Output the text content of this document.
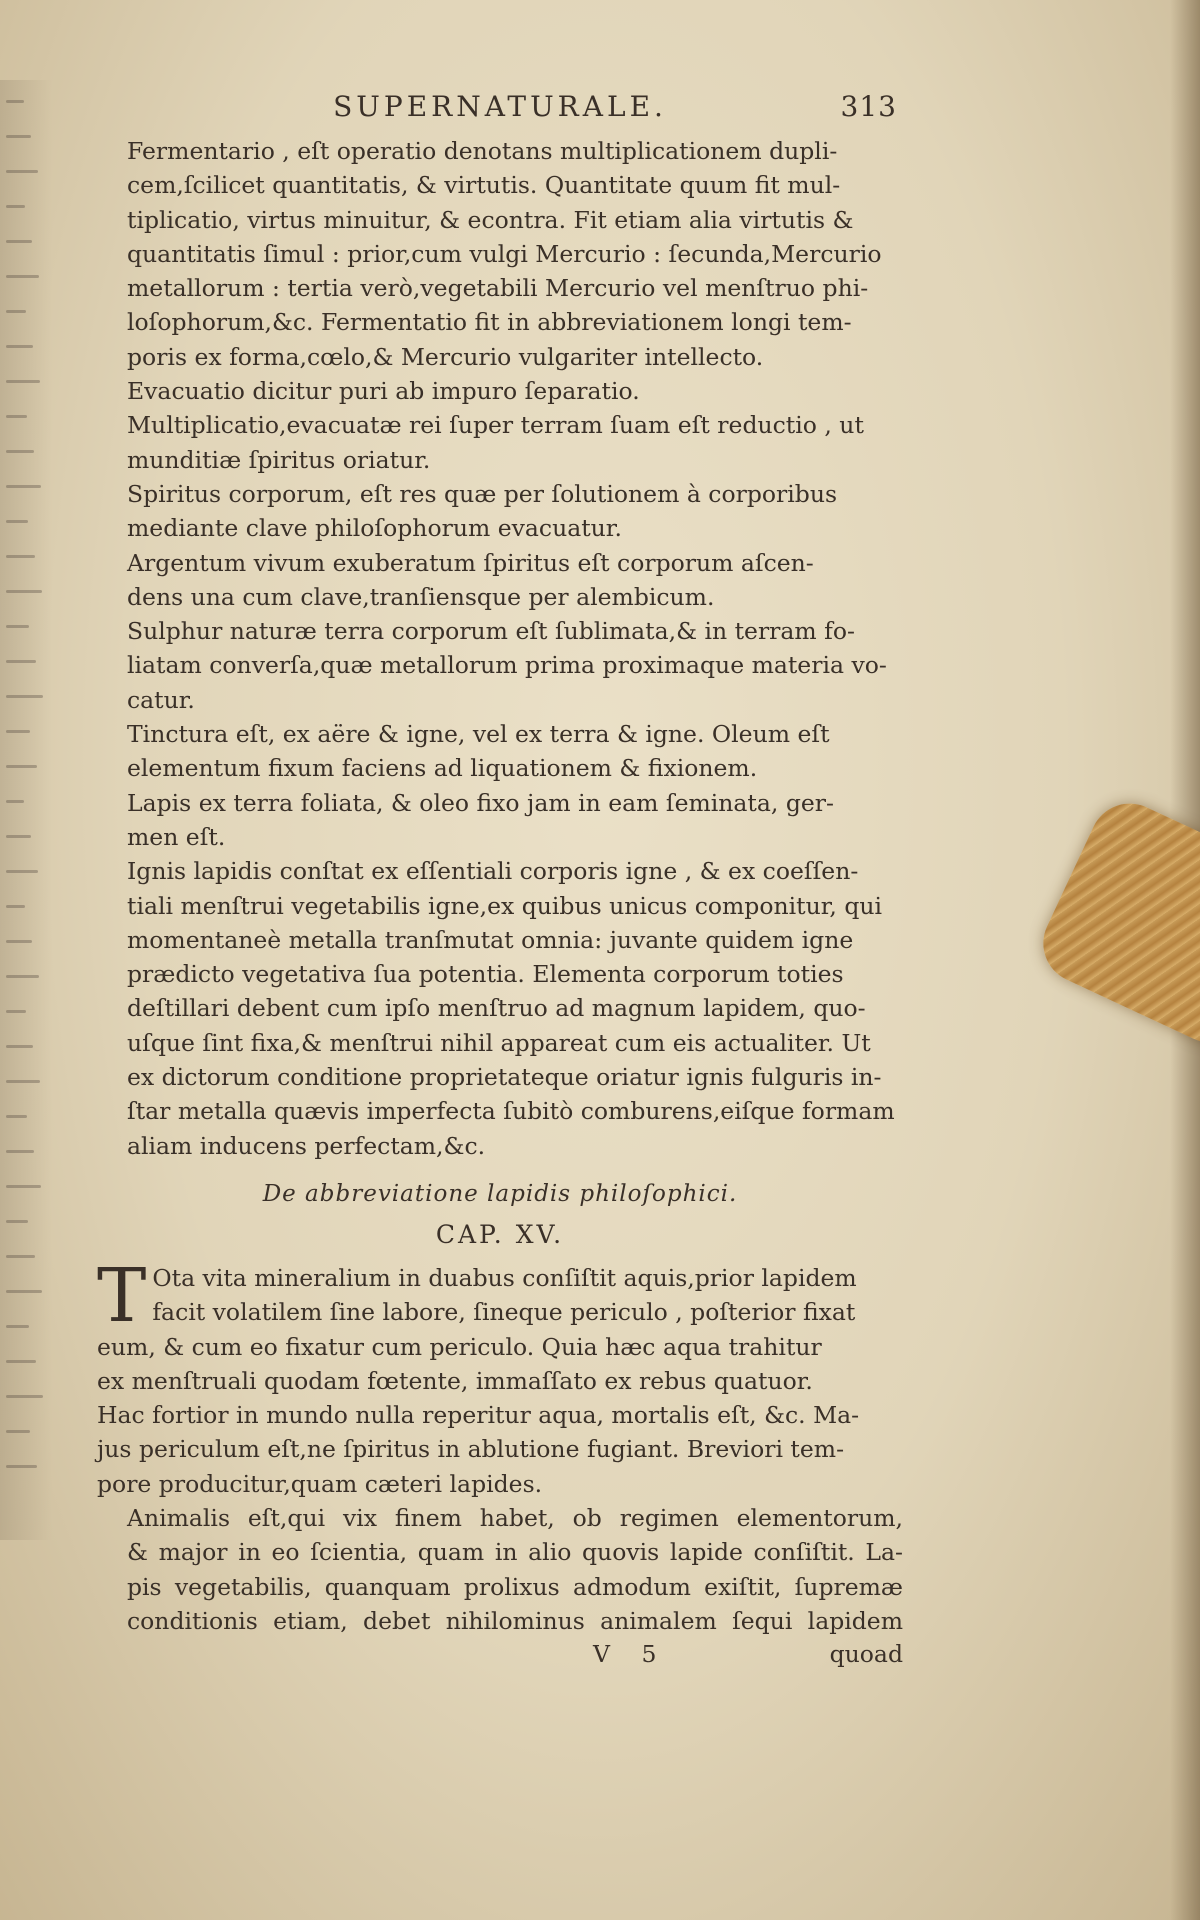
SUPERNATURALE.	313

Fermentario , eſt operatio denotans multiplicationem dupli-
cem,ſcilicet quantitatis, & virtutis. Quantitate quum fit mul-
tiplicatio, virtus minuitur, & econtra. Fit etiam alia virtutis &
quantitatis ſimul : prior,cum vulgi Mercurio : ſecunda,Mercurio
metallorum : tertia verò,vegetabili Mercurio vel menſtruo phi-
loſophorum,&c. Fermentatio fit in abbreviationem longi tem-
poris ex forma,cœlo,& Mercurio vulgariter intellecto.

Evacuatio dicitur puri ab impuro ſeparatio.

Multiplicatio,evacuatæ rei ſuper terram ſuam eſt reductio , ut
munditiæ ſpiritus oriatur.

Spiritus corporum, eſt res quæ per ſolutionem à corporibus
mediante clave philoſophorum evacuatur.

Argentum vivum exuberatum ſpiritus eſt corporum aſcen-
dens una cum clave,tranſiensque per alembicum.

Sulphur naturæ terra corporum eſt ſublimata,& in terram fo-
liatam converſa,quæ metallorum prima proximaque materia vo-
catur.

Tinctura eſt, ex aëre & igne, vel ex terra & igne. Oleum eſt
elementum fixum faciens ad liquationem & fixionem.

Lapis ex terra foliata, & oleo fixo jam in eam ſeminata, ger-
men eſt.

Ignis lapidis conſtat ex eſſentiali corporis igne , & ex coeſſen-
tiali menſtrui vegetabilis igne,ex quibus unicus componitur, qui
momentaneè metalla tranſmutat omnia: juvante quidem igne
prædicto vegetativa ſua potentia. Elementa corporum toties
deſtillari debent cum ipſo menſtruo ad magnum lapidem, quo-
uſque ſint fixa,& menſtrui nihil appareat cum eis actualiter. Ut
ex dictorum conditione proprietateque oriatur ignis fulguris in-
ſtar metalla quævis imperfecta ſubitò comburens,eiſque formam
aliam inducens perfectam,&c.

De abbreviatione lapidis philoſophici.
CAP. XV.

T Ota vita mineralium in duabus conſiſtit aquis,prior lapidem
facit volatilem ſine labore, ſineque periculo , poſterior fixat
eum, & cum eo fixatur cum periculo. Quia hæc aqua trahitur
ex menſtruali quodam fœtente, immaſſato ex rebus quatuor.
Hac fortior in mundo nulla reperitur aqua, mortalis eſt, &c. Ma-
jus periculum eſt,ne ſpiritus in ablutione fugiant. Breviori tem-
pore producitur,quam cæteri lapides.

Animalis eſt,qui vix finem habet, ob regimen elementorum,
& major in eo ſcientia, quam in alio quovis lapide conſiſtit. La-
pis vegetabilis, quanquam prolixus admodum exiſtit, ſupremæ
conditionis etiam, debet nihilominus animalem ſequi lapidem

V 5	quoad
